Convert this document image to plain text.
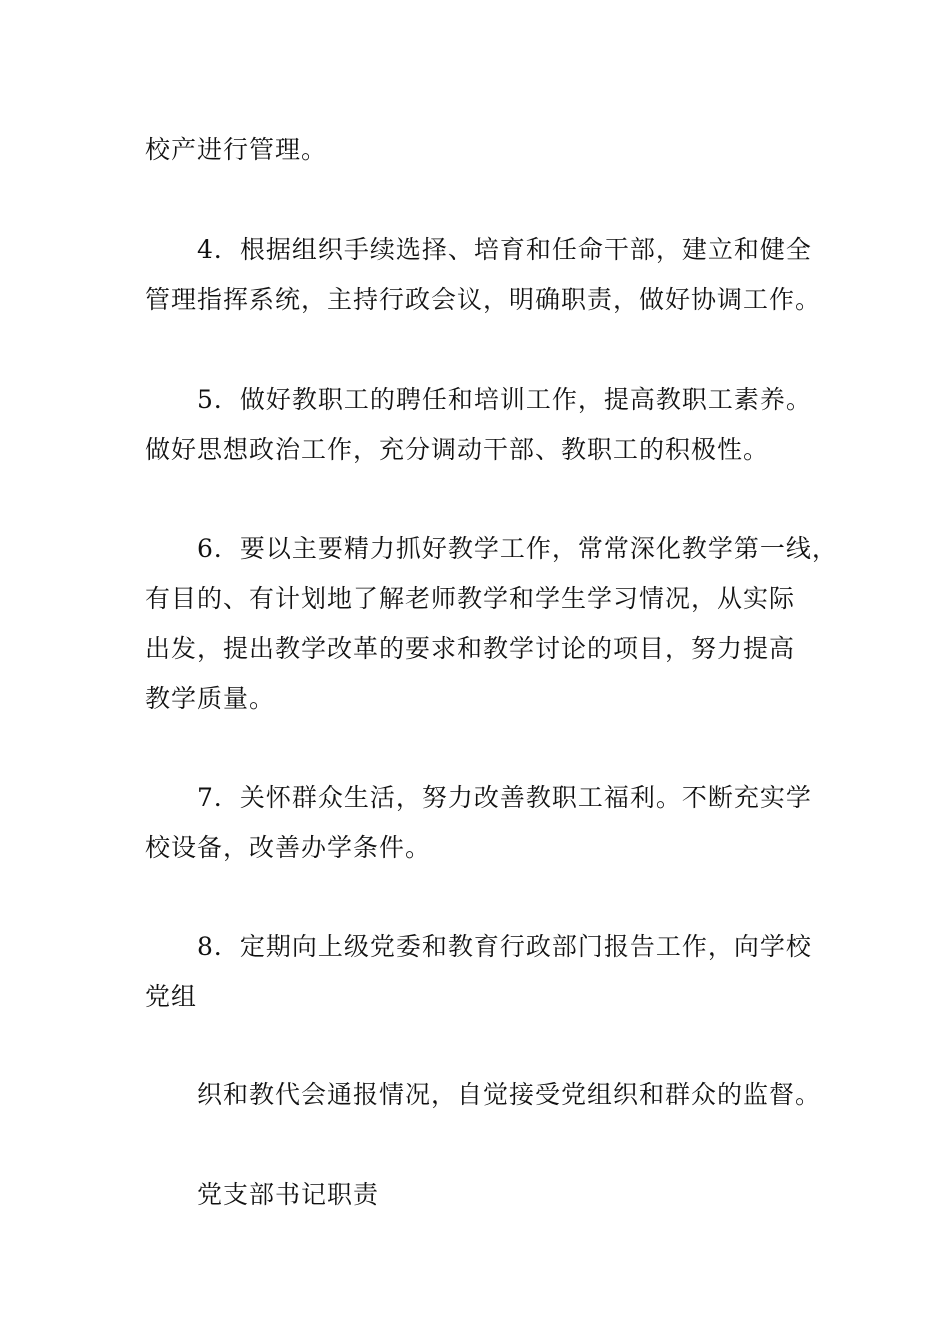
校产进行管理。
4．根据组织手续选择、培育和任命干部，建立和健全
管理指挥系统，主持行政会议，明确职责，做好协调工作。
5．做好教职工的聘任和培训工作，提高教职工素养。
做好思想政治工作，充分调动干部、教职工的积极性。
6．要以主要精力抓好教学工作，常常深化教学第一线，
有目的、有计划地了解老师教学和学生学习情况，从实际
出发，提出教学改革的要求和教学讨论的项目，努力提高
教学质量。
7．关怀群众生活，努力改善教职工福利。不断充实学
校设备，改善办学条件。
8．定期向上级党委和教育行政部门报告工作，向学校
党组
织和教代会通报情况，自觉接受党组织和群众的监督。
党支部书记职责
